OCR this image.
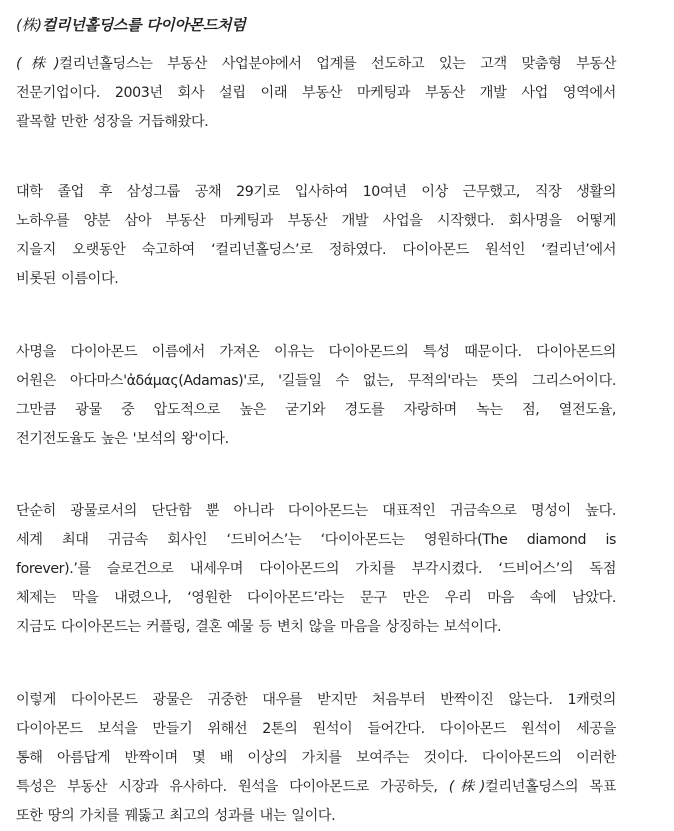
(株)컬리넌홀딩스를 다이아몬드처럼
(株)컬리넌홀딩스는 부동산 사업분야에서 업계를 선도하고 있는 고객 맞춤형 부동산
전문기업이다. 2003년 회사 설립 이래 부동산 마케팅과 부동산 개발 사업 영역에서
괄목할 만한 성장을 거듭해왔다.
대학 졸업 후 삼성그룹 공채 29기로 입사하여 10여년 이상 근무했고, 직장 생활의
노하우를 양분 삼아 부동산 마케팅과 부동산 개발 사업을 시작했다. 회사명을 어떻게
지을지 오랫동안 숙고하여 ‘컬리넌홀딩스’로 정하였다. 다이아몬드 원석인 ‘컬리넌’에서
비롯된 이름이다.
사명을 다이아몬드 이름에서 가져온 이유는 다이아몬드의 특성 때문이다. 다이아몬드의
어원은 아다마스'ἀδάμας(Adamas)'로, '길들일 수 없는, 무적의'라는 뜻의 그리스어이다.
그만큼 광물 중 압도적으로 높은 굳기와 경도를 자랑하며 녹는 점, 열전도율,
전기전도율도 높은 '보석의 왕'이다.
단순히 광물로서의 단단함 뿐 아니라 다이아몬드는 대표적인 귀금속으로 명성이 높다.
세계 최대 귀금속 회사인 ‘드비어스’는 ‘다이아몬드는 영원하다(The diamond is
forever).’를 슬로건으로 내세우며 다이아몬드의 가치를 부각시켰다. ‘드비어스’의 독점
체제는 막을 내렸으나, ‘영원한 다이아몬드’라는 문구 만은 우리 마음 속에 남았다.
지금도 다이아몬드는 커플링, 결혼 예물 등 변치 않을 마음을 상징하는 보석이다.
이렇게 다이아몬드 광물은 귀중한 대우를 받지만 처음부터 반짝이진 않는다. 1캐럿의
다이아몬드 보석을 만들기 위해선 2톤의 원석이 들어간다. 다이아몬드 원석이 세공을
통해 아름답게 반짝이며 몇 배 이상의 가치를 보여주는 것이다. 다이아몬드의 이러한
특성은 부동산 시장과 유사하다. 원석을 다이아몬드로 가공하듯, (株)컬리넌홀딩스의 목표
또한 땅의 가치를 꿰뚫고 최고의 성과를 내는 일이다.
